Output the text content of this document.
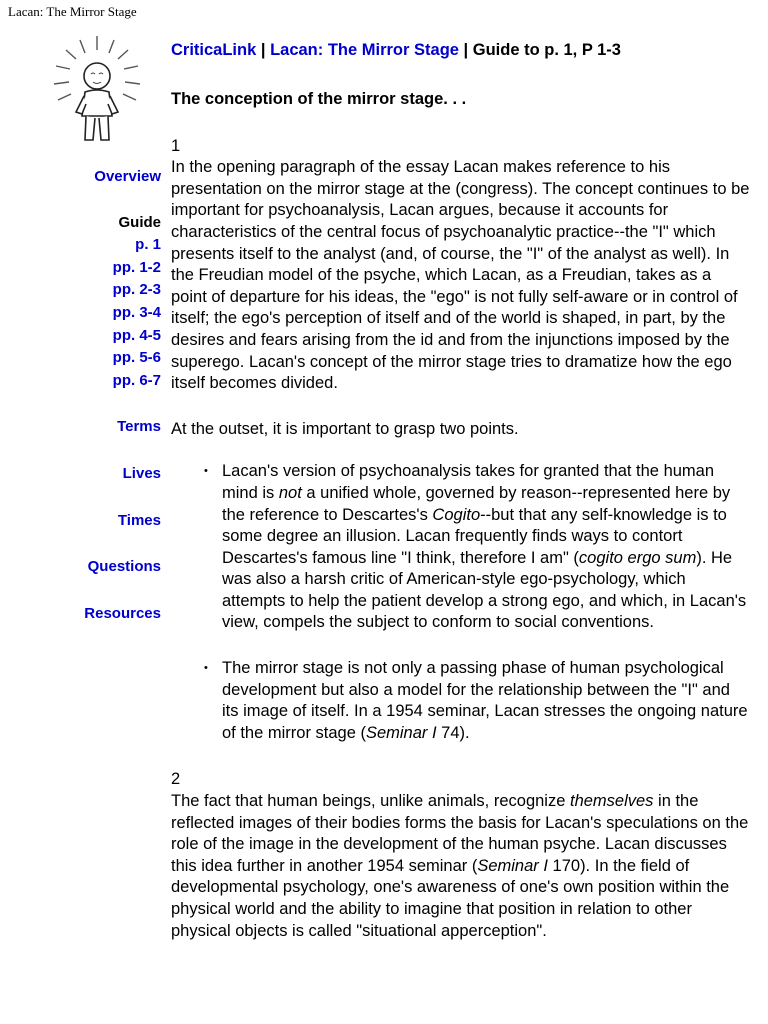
Lacan: The Mirror Stage
Overview
Guide
p. 1
pp. 1-2
pp. 2-3
pp. 3-4
pp. 4-5
pp. 5-6
pp. 6-7
Terms
Lives
Times
Questions
Resources
CriticaLink | Lacan: The Mirror Stage | Guide to p. 1, P 1-3
The conception of the mirror stage. . .
1

In the opening paragraph of the essay Lacan makes reference to his presentation on the mirror stage at the (congress). The concept continues to be important for psychoanalysis, Lacan argues, because it accounts for characteristics of the central focus of psychoanalytic practice--the "I" which presents itself to the analyst (and, of course, the "I" of the analyst as well). In the Freudian model of the psyche, which Lacan, as a Freudian, takes as a point of departure for his ideas, the "ego" is not fully self-aware or in control of itself; the ego's perception of itself and of the world is shaped, in part, by the desires and fears arising from the id and from the injunctions imposed by the superego. Lacan's concept of the mirror stage tries to dramatize how the ego itself becomes divided.

At the outset, it is important to grasp two points.

• Lacan's version of psychoanalysis takes for granted that the human mind is not a unified whole, governed by reason--represented here by the reference to Descartes's Cogito--but that any self-knowledge is to some degree an illusion. Lacan frequently finds ways to contort Descartes's famous line "I think, therefore I am" (cogito ergo sum). He was also a harsh critic of American-style ego-psychology, which attempts to help the patient develop a strong ego, and which, in Lacan's view, compels the subject to conform to social conventions.
• The mirror stage is not only a passing phase of human psychological development but also a model for the relationship between the "I" and its image of itself. In a 1954 seminar, Lacan stresses the ongoing nature of the mirror stage (Seminar I 74).
2

The fact that human beings, unlike animals, recognize themselves in the reflected images of their bodies forms the basis for Lacan's speculations on the role of the image in the development of the human psyche. Lacan discusses this idea further in another 1954 seminar (Seminar I 170). In the field of developmental psychology, one's awareness of one's own position within the physical world and the ability to imagine that position in relation to other physical objects is called "situational apperception".
